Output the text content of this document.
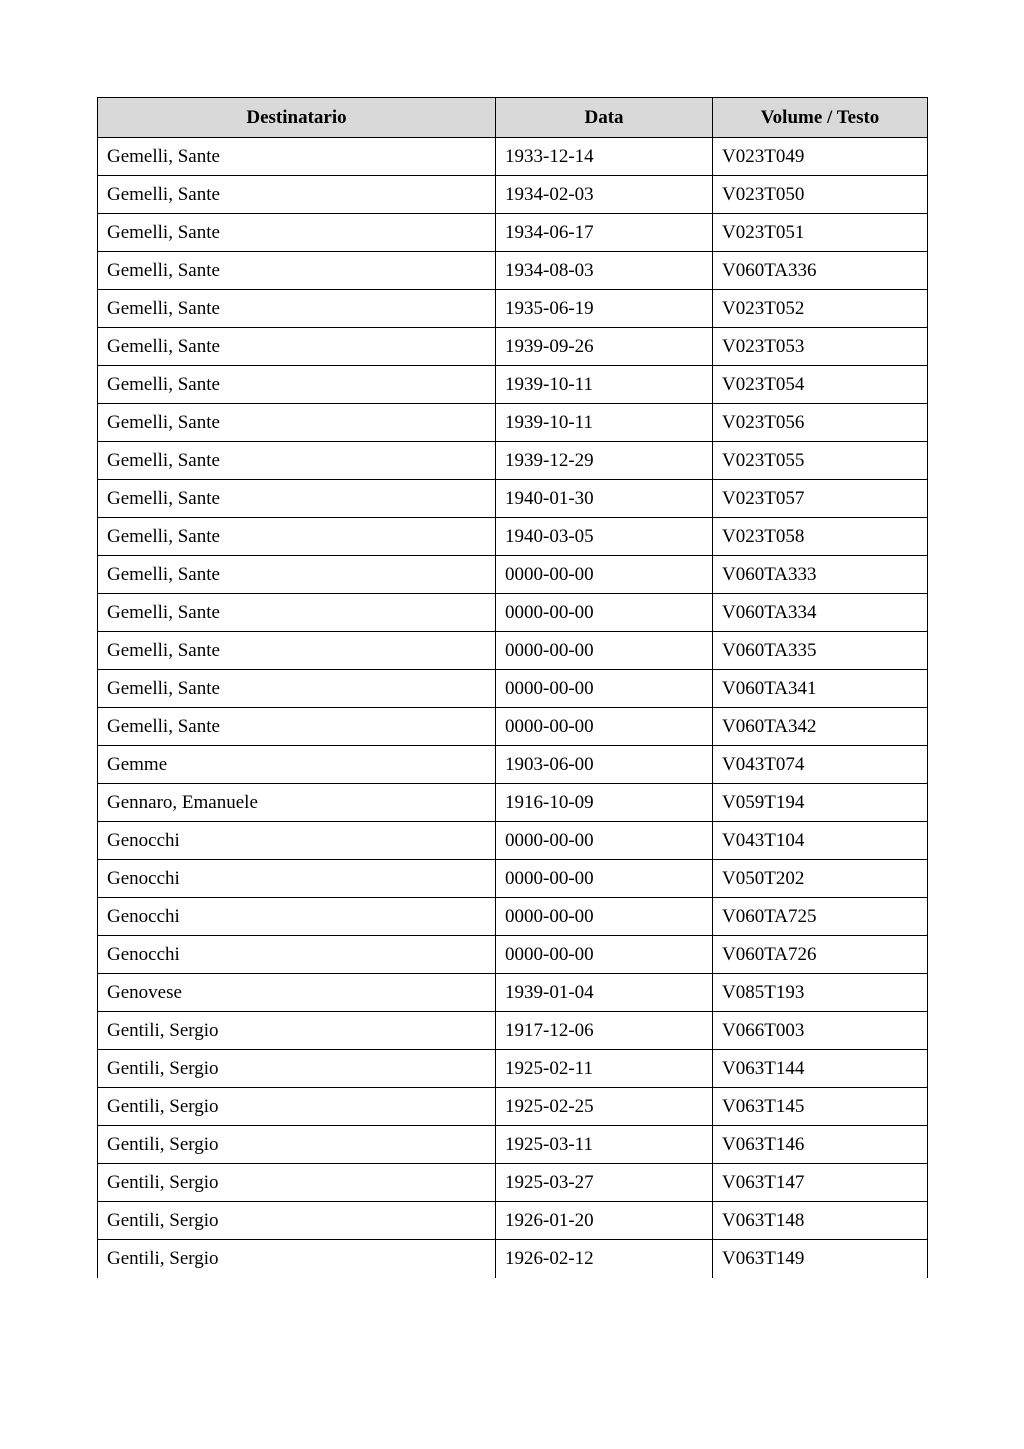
Destinatario	Data	Volume / Testo
Gemelli, Sante	1933-12-14	V023T049
Gemelli, Sante	1934-02-03	V023T050
Gemelli, Sante	1934-06-17	V023T051
Gemelli, Sante	1934-08-03	V060TA336
Gemelli, Sante	1935-06-19	V023T052
Gemelli, Sante	1939-09-26	V023T053
Gemelli, Sante	1939-10-11	V023T054
Gemelli, Sante	1939-10-11	V023T056
Gemelli, Sante	1939-12-29	V023T055
Gemelli, Sante	1940-01-30	V023T057
Gemelli, Sante	1940-03-05	V023T058
Gemelli, Sante	0000-00-00	V060TA333
Gemelli, Sante	0000-00-00	V060TA334
Gemelli, Sante	0000-00-00	V060TA335
Gemelli, Sante	0000-00-00	V060TA341
Gemelli, Sante	0000-00-00	V060TA342
Gemme	1903-06-00	V043T074
Gennaro, Emanuele	1916-10-09	V059T194
Genocchi	0000-00-00	V043T104
Genocchi	0000-00-00	V050T202
Genocchi	0000-00-00	V060TA725
Genocchi	0000-00-00	V060TA726
Genovese	1939-01-04	V085T193
Gentili, Sergio	1917-12-06	V066T003
Gentili, Sergio	1925-02-11	V063T144
Gentili, Sergio	1925-02-25	V063T145
Gentili, Sergio	1925-03-11	V063T146
Gentili, Sergio	1925-03-27	V063T147
Gentili, Sergio	1926-01-20	V063T148
Gentili, Sergio	1926-02-12	V063T149
